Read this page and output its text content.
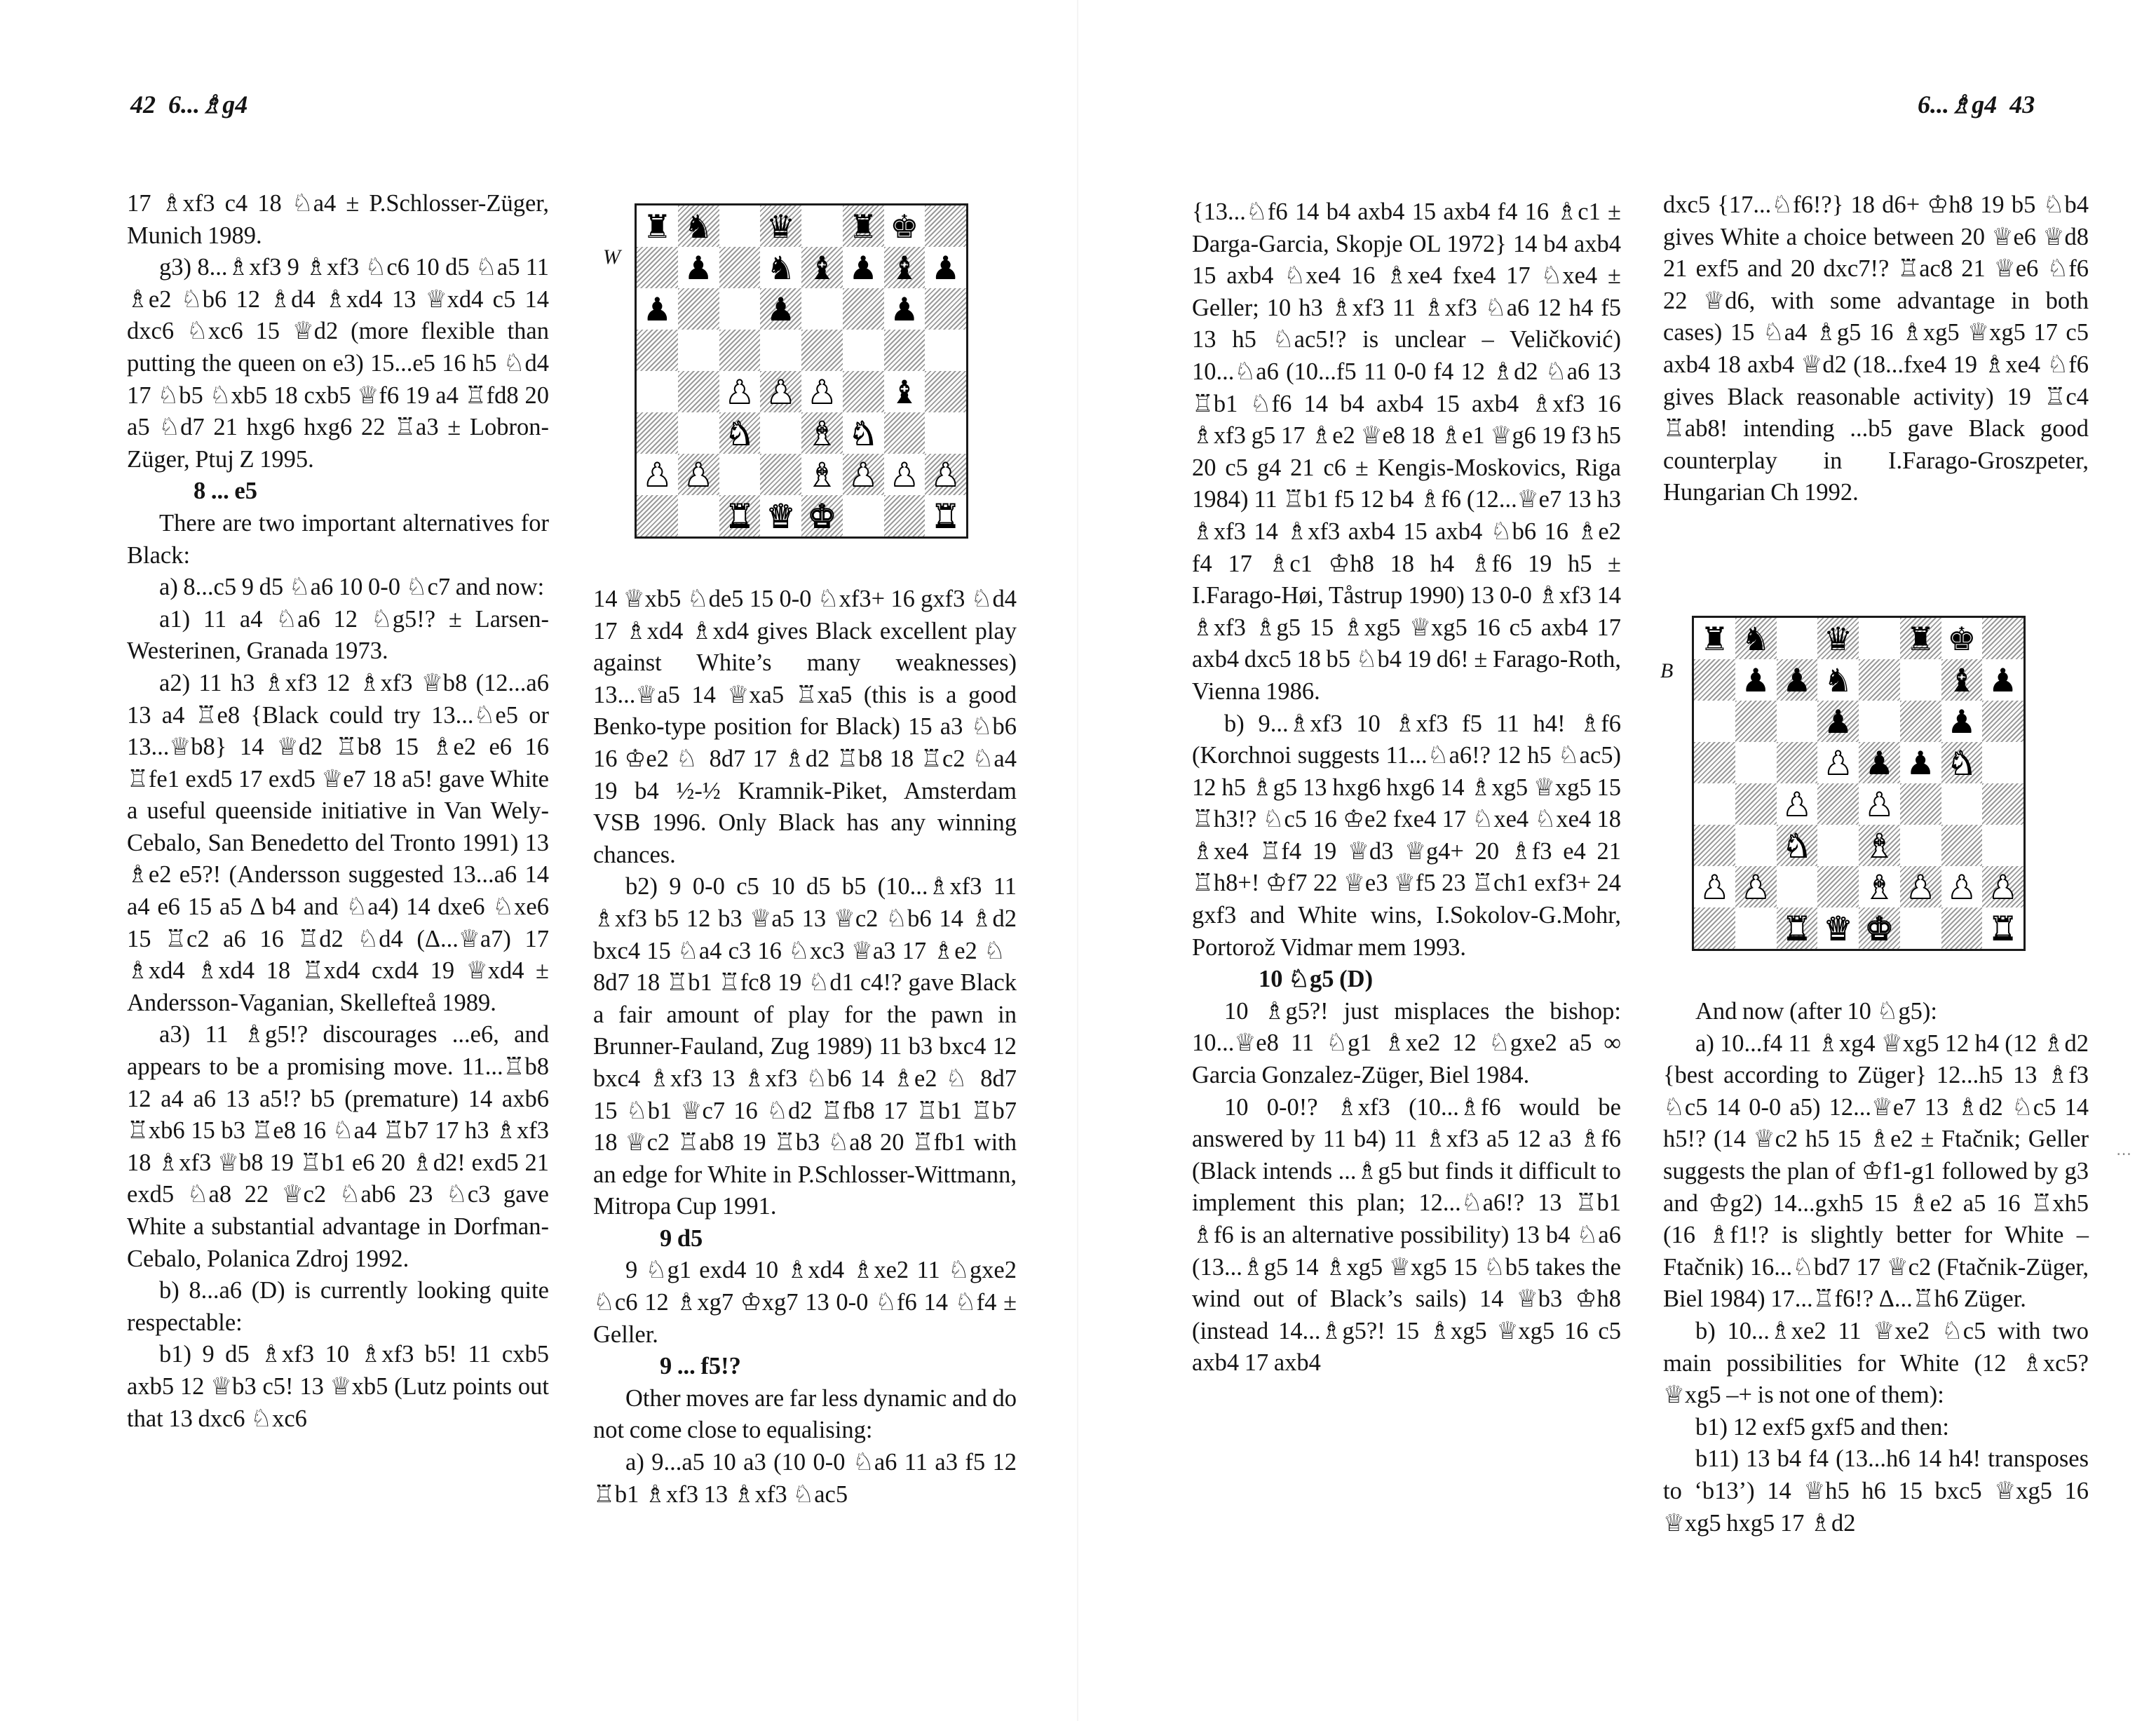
42 6...♗g4

17 ♗xf3 c4 18 ♘a4 ± P.Schlosser-Züger, Munich 1989.

g3) 8...♗xf3 9 ♗xf3 ♘c6 10 d5 ♘a5 11 ♗e2 ♘b6 12 ♗d4 ♗xd4 13 ♕xd4 c5 14 dxc6 ♘xc6 15 ♕d2 (more flexible than putting the queen on e3) 15...e5 16 h5 ♘d4 17 ♘b5 ♘xb5 18 cxb5 ♕f6 19 a4 ♖fd8 20 a5 ♘d7 21 hxg6 hxg6 22 ♖a3 ± Lobron-Züger, Ptuj Z 1995.

8 ... e5

There are two important alternatives for Black:

a) 8...c5 9 d5 ♘a6 10 0-0 ♘c7 and now:

a1) 11 a4 ♘a6 12 ♘g5!? ± Larsen-Westerinen, Granada 1973.

a2) 11 h3 ♗xf3 12 ♗xf3 ♕b8 (12...a6 13 a4 ♖e8 {Black could try 13...♘e5 or 13...♕b8} 14 ♕d2 ♖b8 15 ♗e2 e6 16 ♖fe1 exd5 17 exd5 ♕e7 18 a5! gave White a useful queenside initiative in Van Wely-Cebalo, San Benedetto del Tronto 1991) 13 ♗e2 e5?! (Andersson suggested 13...a6 14 a4 e6 15 a5 Δ b4 and ♘a4) 14 dxe6 ♘xe6 15 ♖c2 a6 16 ♖d2 ♘d4 (Δ...♕a7) 17 ♗xd4 ♗xd4 18 ♖xd4 cxd4 19 ♕xd4 ± Andersson-Vaganian, Skellefteå 1989.

a3) 11 ♗g5!? discourages ...e6, and appears to be a promising move. 11...♖b8 12 a4 a6 13 a5!? b5 (premature) 14 axb6 ♖xb6 15 b3 ♖e8 16 ♘a4 ♖b7 17 h3 ♗xf3 18 ♗xf3 ♕b8 19 ♖b1 e6 20 ♗d2! exd5 21 exd5 ♘a8 22 ♕c2 ♘ab6 23 ♘c3 gave White a substantial advantage in Dorfman-Cebalo, Polanica Zdroj 1992.

b) 8...a6 (D) is currently looking quite respectable:

b1) 9 d5 ♗xf3 10 ♗xf3 b5! 11 cxb5 axb5 12 ♕b3 c5! 13 ♕xb5 (Lutz points out that 13 dxc6 ♘xc6

W
♜ ♞ ♛ ♜ ♚
♟ ♞ ♝ ♟ ♝ ♟
♟	♟	♟
♟ ♟ ♟ ♝
♞ ♝ ♞
♟ ♟	♝ ♟ ♟ ♟
♜ ♛ ♚	♜

14 ♕xb5 ♘de5 15 0-0 ♘xf3+ 16 gxf3 ♘d4 17 ♗xd4 ♗xd4 gives Black excellent play against White’s many weaknesses) 13...♕a5 14 ♕xa5 ♖xa5 (this is a good Benko-type position for Black) 15 a3 ♘b6 16 ♔e2 ♘  8d7 17 ♗d2 ♖b8 18 ♖c2 ♘a4 19 b4 ½-½ Kramnik-Piket, Amsterdam VSB 1996. Only Black has any winning chances.

b2) 9 0-0 c5 10 d5 b5 (10...♗xf3 11 ♗xf3 b5 12 b3 ♕a5 13 ♕c2 ♘b6 14 ♗d2 bxc4 15 ♘a4 c3 16 ♘xc3 ♕a3 17 ♗e2 ♘  8d7 18 ♖b1 ♖fc8 19 ♘d1 c4!? gave Black a fair amount of play for the pawn in Brunner-Fauland, Zug 1989) 11 b3 bxc4 12 bxc4 ♗xf3 13 ♗xf3 ♘b6 14 ♗e2 ♘  8d7 15 ♘b1 ♕c7 16 ♘d2 ♖fb8 17 ♖b1 ♖b7 18 ♕c2 ♖ab8 19 ♖b3 ♘a8 20 ♖fb1 with an edge for White in P.Schlosser-Wittmann, Mitropa Cup 1991.

9 d5

9 ♘g1 exd4 10 ♗xd4 ♗xe2 11 ♘gxe2 ♘c6 12 ♗xg7 ♔xg7 13 0-0 ♘f6 14 ♘f4 ± Geller.

9 ... f5!?

Other moves are far less dynamic and do not come close to equalising:

a) 9...a5 10 a3 (10 0-0 ♘a6 11 a3 f5 12 ♖b1 ♗xf3 13 ♗xf3 ♘ac5

6...♗g4 43

{13...♘f6 14 b4 axb4 15 axb4 f4 16 ♗c1 ± Darga-Garcia, Skopje OL 1972} 14 b4 axb4 15 axb4 ♘xe4 16 ♗xe4 fxe4 17 ♘xe4 ± Geller; 10 h3 ♗xf3 11 ♗xf3 ♘a6 12 h4 f5 13 h5 ♘ac5!? is unclear – Veličković) 10...♘a6 (10...f5 11 0-0 f4 12 ♗d2 ♘a6 13 ♖b1 ♘f6 14 b4 axb4 15 axb4 ♗xf3 16 ♗xf3 g5 17 ♗e2 ♕e8 18 ♗e1 ♕g6 19 f3 h5 20 c5 g4 21 c6 ± Kengis-Moskovics, Riga 1984) 11 ♖b1 f5 12 b4 ♗f6 (12...♕e7 13 h3 ♗xf3 14 ♗xf3 axb4 15 axb4 ♘b6 16 ♗e2 f4 17 ♗c1 ♔h8 18 h4 ♗f6 19 h5 ± I.Farago-Høi, Tåstrup 1990) 13 0-0 ♗xf3 14 ♗xf3 ♗g5 15 ♗xg5 ♕xg5 16 c5 axb4 17 axb4 dxc5 18 b5 ♘b4 19 d6! ± Farago-Roth, Vienna 1986.

b) 9...♗xf3 10 ♗xf3 f5 11 h4! ♗f6 (Korchnoi suggests 11...♘a6!? 12 h5 ♘ac5) 12 h5 ♗g5 13 hxg6 hxg6 14 ♗xg5 ♕xg5 15 ♖h3!? ♘c5 16 ♔e2 fxe4 17 ♘xe4 ♘xe4 18 ♗xe4 ♖f4 19 ♕d3 ♕g4+ 20 ♗f3 e4 21 ♖h8+! ♔f7 22 ♕e3 ♕f5 23 ♖ch1 exf3+ 24 gxf3 and White wins, I.Sokolov-G.Mohr, Portorož Vidmar mem 1993.

10 ♘g5 (D)

10 ♗g5?! just misplaces the bishop: 10...♕e8 11 ♘g1 ♗xe2 12 ♘gxe2 a5 ∞ Garcia Gonzalez-Züger, Biel 1984.

10 0-0!? ♗xf3 (10...♗f6 would be answered by 11 b4) 11 ♗xf3 a5 12 a3 ♗f6 (Black intends ...♗g5 but finds it difficult to implement this plan; 12...♘a6!? 13 ♖b1 ♗f6 is an alternative possibility) 13 b4 ♘a6 (13...♗g5 14 ♗xg5 ♕xg5 15 ♘b5 takes the wind out of Black’s sails) 14 ♕b3 ♔h8 (instead 14...♗g5?! 15 ♗xg5 ♕xg5 16 c5 axb4 17 axb4

dxc5 {17...♘f6!?} 18 d6+ ♔h8 19 b5 ♘b4 gives White a choice between 20 ♕e6 ♕d8 21 exf5 and 20 dxc7!? ♖ac8 21 ♕e6 ♘f6 22 ♕d6, with some advantage in both cases) 15 ♘a4 ♗g5 16 ♗xg5 ♕xg5 17 c5 axb4 18 axb4 ♕d2 (18...fxe4 19 ♗xe4 ♘f6 gives Black reasonable activity) 19 ♖c4 ♖ab8! intending ...b5 gave Black good counterplay in I.Farago-Groszpeter, Hungarian Ch 1992.

B
♜ ♞ ♛ ♜ ♚
♟ ♟ ♞	♝ ♟
♟	♟
♟ ♟ ♟ ♞
♟ ♟
♞ ♝
♟ ♟	♝ ♟ ♟ ♟
♜ ♛ ♚	♜

And now (after 10 ♘g5):

a) 10...f4 11 ♗xg4 ♕xg5 12 h4 (12 ♗d2 {best according to Züger} 12...h5 13 ♗f3 ♘c5 14 0-0 a5) 12...♕e7 13 ♗d2 ♘c5 14 h5!? (14 ♕c2 h5 15 ♗e2 ± Ftačnik; Geller suggests the plan of ♔f1-g1 followed by g3 and ♔g2) 14...gxh5 15 ♗e2 a5 16 ♖xh5 (16 ♗f1!? is slightly better for White – Ftačnik) 16...♘bd7 17 ♕c2 (Ftačnik-Züger, Biel 1984) 17...♖f6!? Δ...♖h6 Züger.

b) 10...♗xe2 11 ♕xe2 ♘c5 with two main possibilities for White (12 ♗xc5? ♕xg5 –+ is not one of them):

b1) 12 exf5 gxf5 and then:

b11) 13 b4 f4 (13...h6 14 h4! transposes to ‘b13’) 14 ♕h5 h6 15 bxc5 ♕xg5 16 ♕xg5 hxg5 17 ♗d2

․․․
